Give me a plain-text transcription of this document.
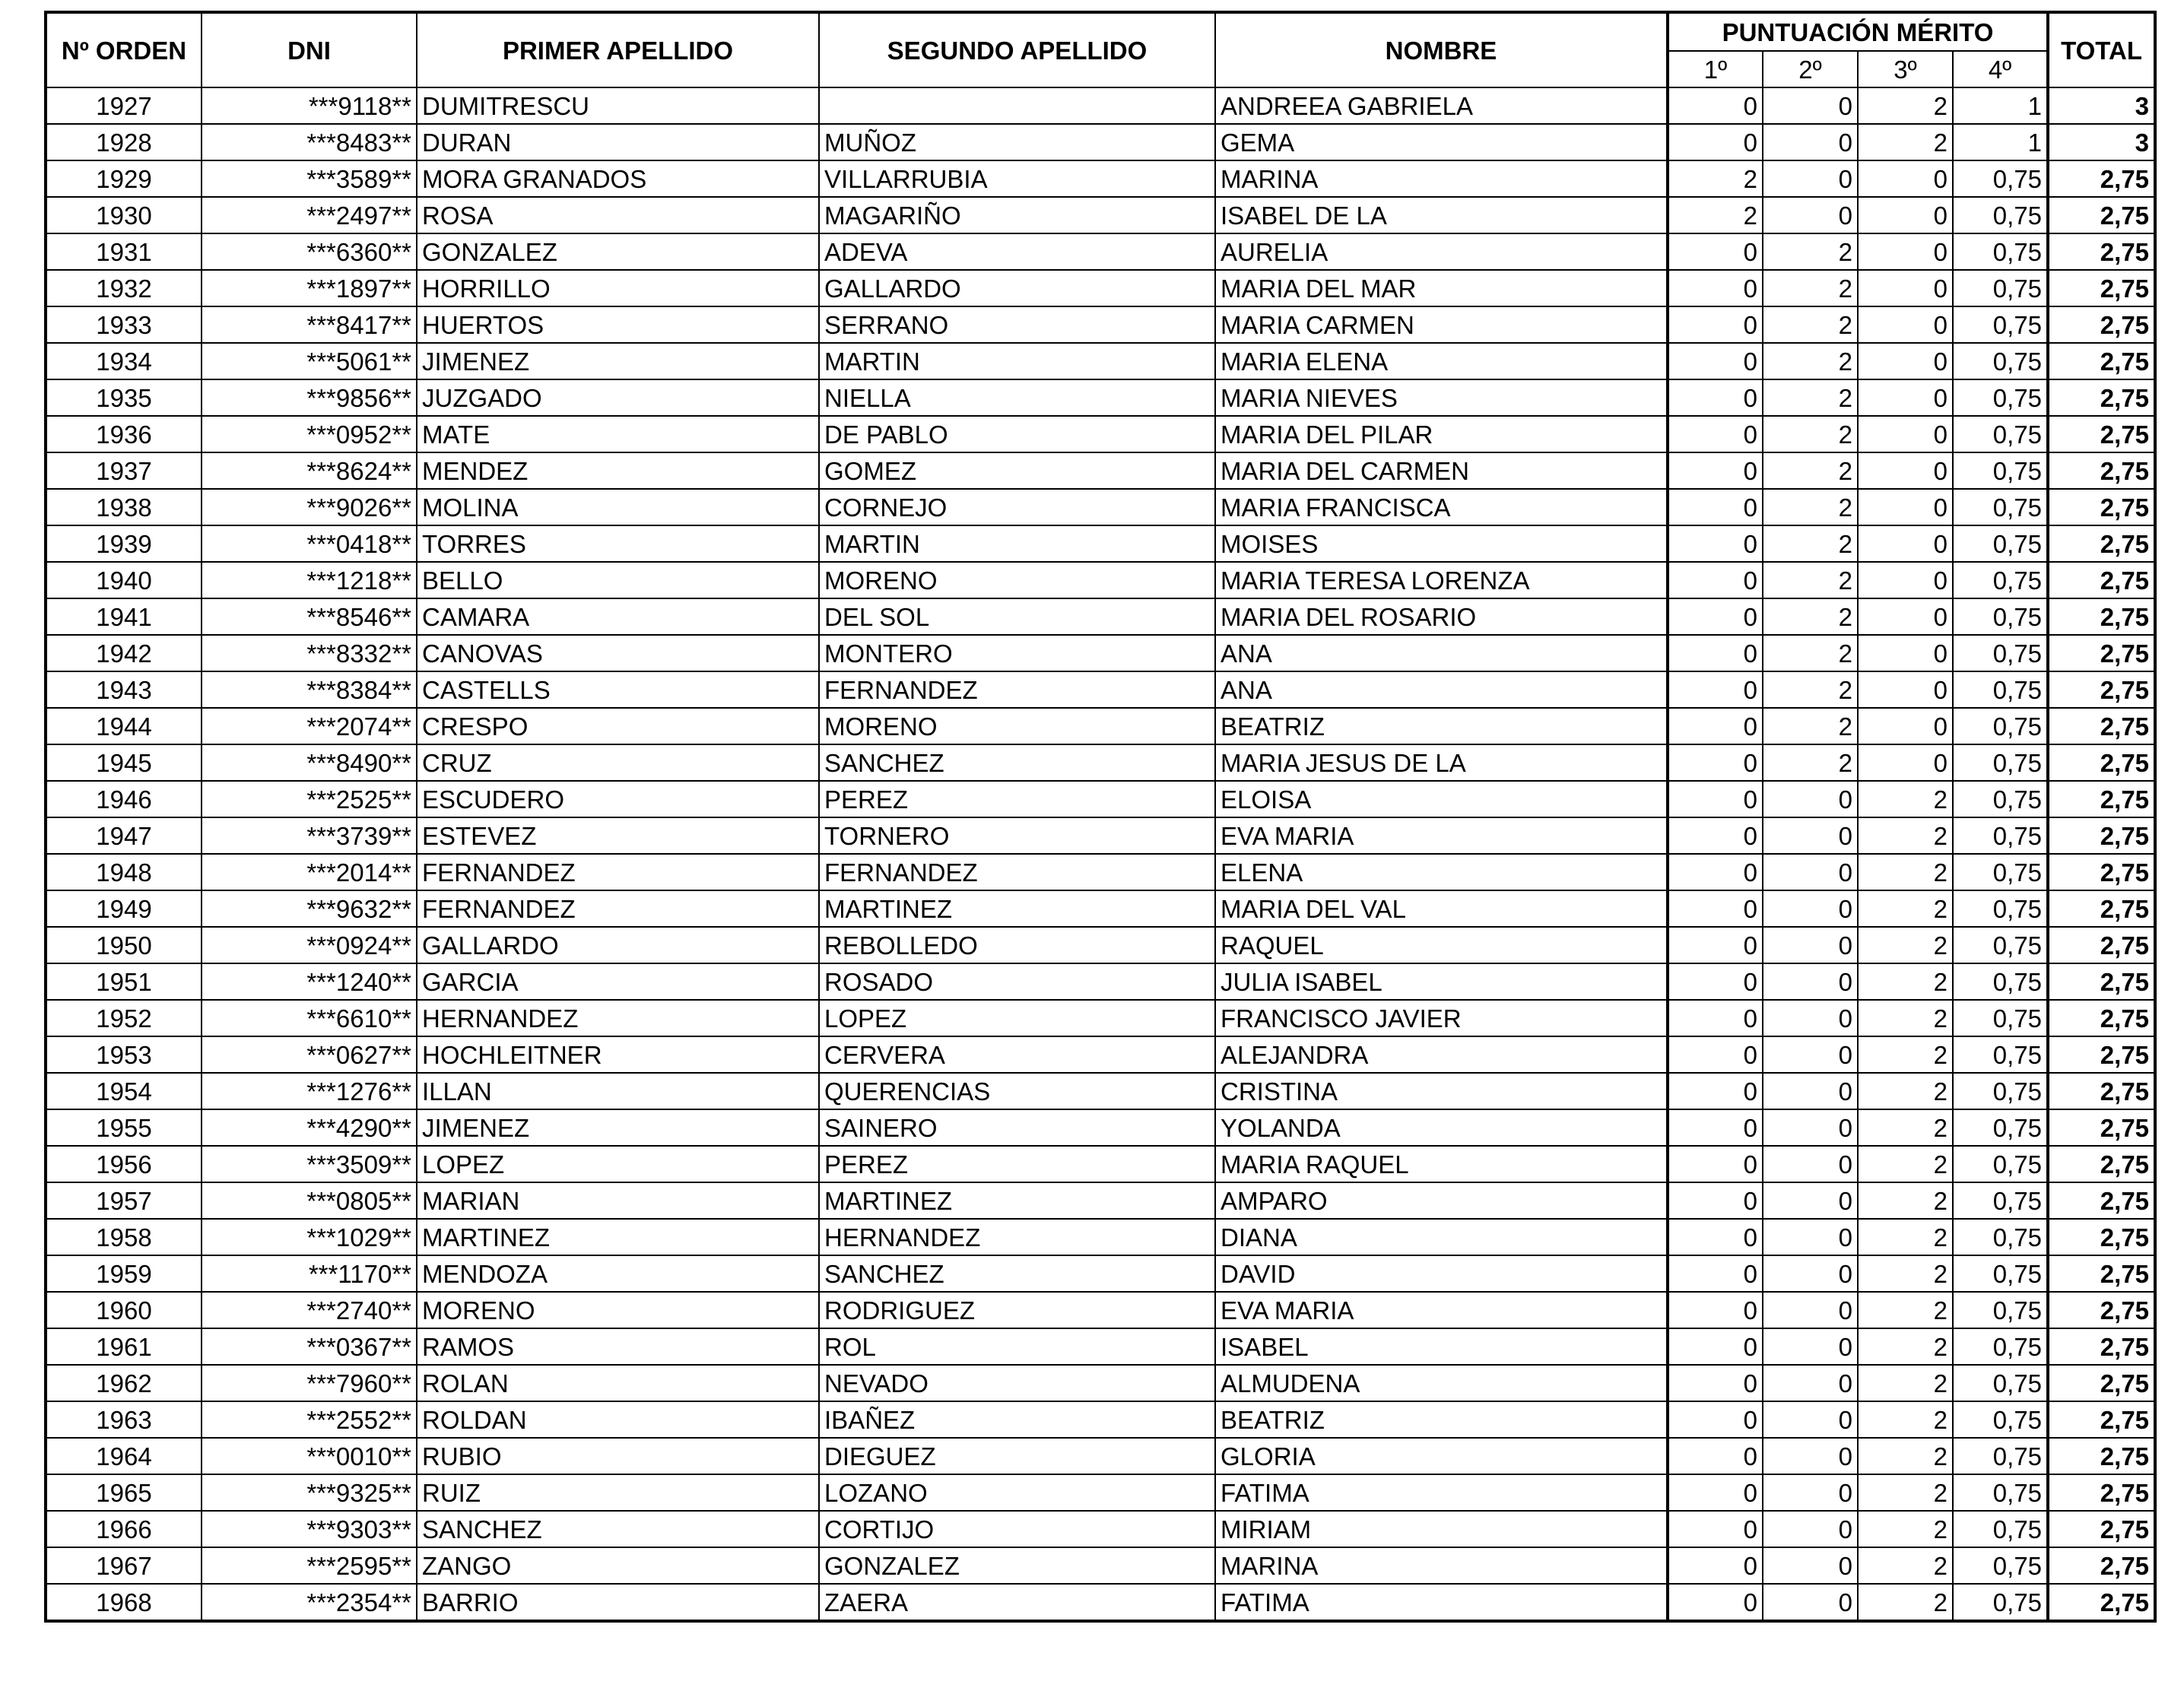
Nº ORDEN	DNI	PRIMER APELLIDO	SEGUNDO APELLIDO	NOMBRE	PUNTUACIÓN MÉRITO				TOTAL
					1º	2º	3º	4º	
1927	***9118**	DUMITRESCU		ANDREEA GABRIELA	0	0	2	1	3
1928	***8483**	DURAN	MUÑOZ	GEMA	0	0	2	1	3
1929	***3589**	MORA GRANADOS	VILLARRUBIA	MARINA	2	0	0	0,75	2,75
1930	***2497**	ROSA	MAGARIÑO	ISABEL DE LA	2	0	0	0,75	2,75
1931	***6360**	GONZALEZ	ADEVA	AURELIA	0	2	0	0,75	2,75
1932	***1897**	HORRILLO	GALLARDO	MARIA DEL MAR	0	2	0	0,75	2,75
1933	***8417**	HUERTOS	SERRANO	MARIA CARMEN	0	2	0	0,75	2,75
1934	***5061**	JIMENEZ	MARTIN	MARIA ELENA	0	2	0	0,75	2,75
1935	***9856**	JUZGADO	NIELLA	MARIA NIEVES	0	2	0	0,75	2,75
1936	***0952**	MATE	DE PABLO	MARIA DEL PILAR	0	2	0	0,75	2,75
1937	***8624**	MENDEZ	GOMEZ	MARIA DEL CARMEN	0	2	0	0,75	2,75
1938	***9026**	MOLINA	CORNEJO	MARIA FRANCISCA	0	2	0	0,75	2,75
1939	***0418**	TORRES	MARTIN	MOISES	0	2	0	0,75	2,75
1940	***1218**	BELLO	MORENO	MARIA TERESA LORENZA	0	2	0	0,75	2,75
1941	***8546**	CAMARA	DEL SOL	MARIA DEL ROSARIO	0	2	0	0,75	2,75
1942	***8332**	CANOVAS	MONTERO	ANA	0	2	0	0,75	2,75
1943	***8384**	CASTELLS	FERNANDEZ	ANA	0	2	0	0,75	2,75
1944	***2074**	CRESPO	MORENO	BEATRIZ	0	2	0	0,75	2,75
1945	***8490**	CRUZ	SANCHEZ	MARIA JESUS DE LA	0	2	0	0,75	2,75
1946	***2525**	ESCUDERO	PEREZ	ELOISA	0	0	2	0,75	2,75
1947	***3739**	ESTEVEZ	TORNERO	EVA MARIA	0	0	2	0,75	2,75
1948	***2014**	FERNANDEZ	FERNANDEZ	ELENA	0	0	2	0,75	2,75
1949	***9632**	FERNANDEZ	MARTINEZ	MARIA DEL VAL	0	0	2	0,75	2,75
1950	***0924**	GALLARDO	REBOLLEDO	RAQUEL	0	0	2	0,75	2,75
1951	***1240**	GARCIA	ROSADO	JULIA ISABEL	0	0	2	0,75	2,75
1952	***6610**	HERNANDEZ	LOPEZ	FRANCISCO JAVIER	0	0	2	0,75	2,75
1953	***0627**	HOCHLEITNER	CERVERA	ALEJANDRA	0	0	2	0,75	2,75
1954	***1276**	ILLAN	QUERENCIAS	CRISTINA	0	0	2	0,75	2,75
1955	***4290**	JIMENEZ	SAINERO	YOLANDA	0	0	2	0,75	2,75
1956	***3509**	LOPEZ	PEREZ	MARIA RAQUEL	0	0	2	0,75	2,75
1957	***0805**	MARIAN	MARTINEZ	AMPARO	0	0	2	0,75	2,75
1958	***1029**	MARTINEZ	HERNANDEZ	DIANA	0	0	2	0,75	2,75
1959	***1170**	MENDOZA	SANCHEZ	DAVID	0	0	2	0,75	2,75
1960	***2740**	MORENO	RODRIGUEZ	EVA MARIA	0	0	2	0,75	2,75
1961	***0367**	RAMOS	ROL	ISABEL	0	0	2	0,75	2,75
1962	***7960**	ROLAN	NEVADO	ALMUDENA	0	0	2	0,75	2,75
1963	***2552**	ROLDAN	IBAÑEZ	BEATRIZ	0	0	2	0,75	2,75
1964	***0010**	RUBIO	DIEGUEZ	GLORIA	0	0	2	0,75	2,75
1965	***9325**	RUIZ	LOZANO	FATIMA	0	0	2	0,75	2,75
1966	***9303**	SANCHEZ	CORTIJO	MIRIAM	0	0	2	0,75	2,75
1967	***2595**	ZANGO	GONZALEZ	MARINA	0	0	2	0,75	2,75
1968	***2354**	BARRIO	ZAERA	FATIMA	0	0	2	0,75	2,75
